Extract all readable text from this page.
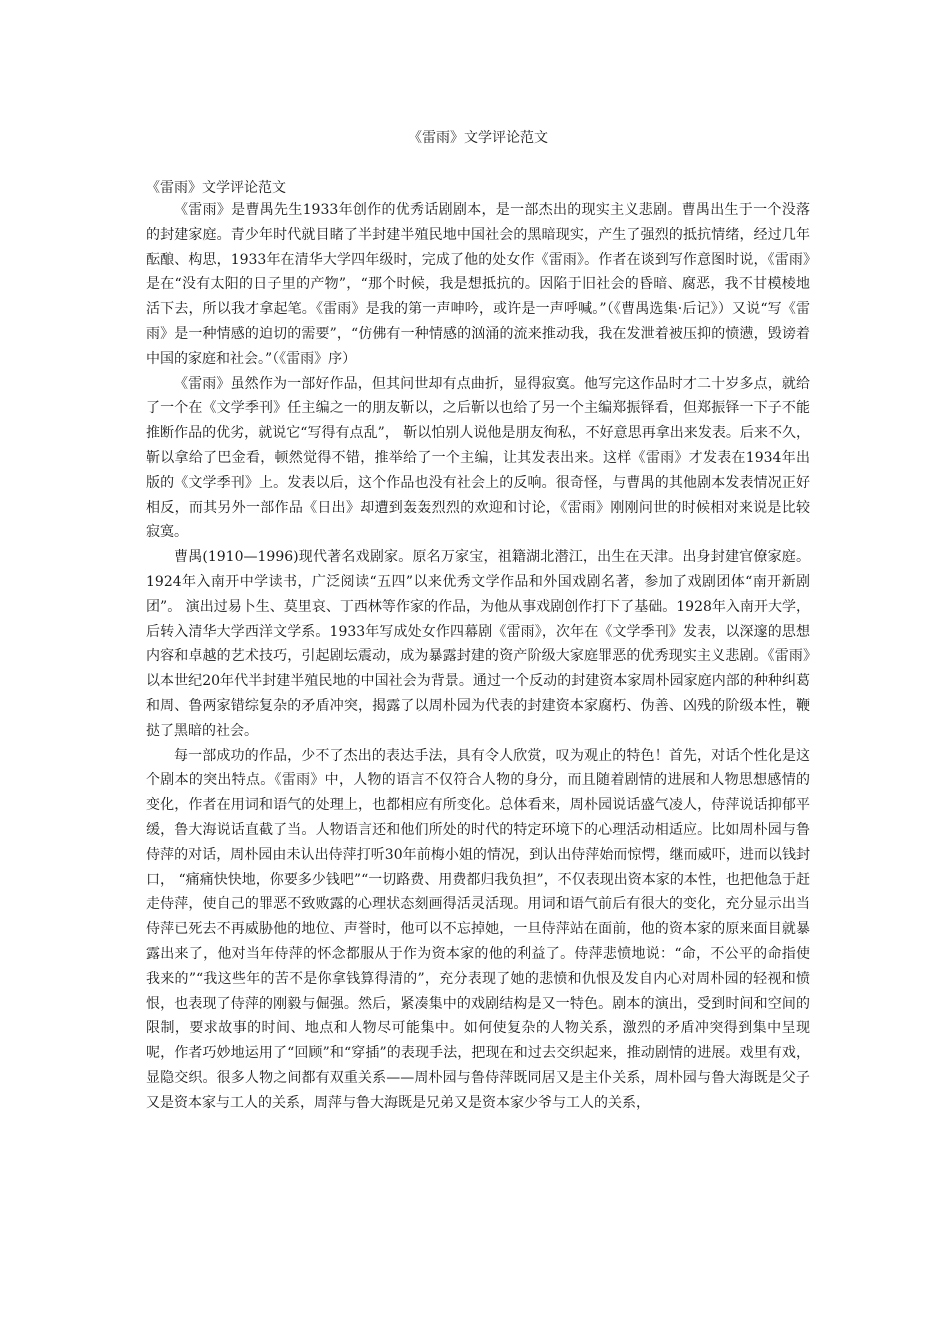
《雷雨》文学评论范文

《雷雨》文学评论范文

《雷雨》是曹禺先生1933年创作的优秀话剧剧本，是一部杰出的现实主义悲剧。曹禺出生于一个没落的封建家庭。青少年时代就目睹了半封建半殖民地中国社会的黑暗现实，产生了强烈的抵抗情绪，经过几年酝酿、构思，1933年在清华大学四年级时，完成了他的处女作《雷雨》。作者在谈到写作意图时说，《雷雨》是在“没有太阳的日子里的产物”，“那个时候，我是想抵抗的。因陷于旧社会的昏暗、腐恶，我不甘模棱地活下去，所以我才拿起笔。《雷雨》是我的第一声呻吟，或许是一声呼喊。”（《曹禺选集·后记》）又说“写《雷雨》是一种情感的迫切的需要”，“仿佛有一种情感的汹涌的流来推动我，我在发泄着被压抑的愤懑，毁谤着中国的家庭和社会。”（《雷雨》序）

《雷雨》虽然作为一部好作品，但其问世却有点曲折，显得寂寞。他写完这作品时才二十岁多点，就给了一个在《文学季刊》任主编之一的朋友靳以，之后靳以也给了另一个主编郑振铎看，但郑振铎一下子不能推断作品的优劣，就说它“写得有点乱”， 靳以怕别人说他是朋友徇私，不好意思再拿出来发表。后来不久，靳以拿给了巴金看，顿然觉得不错，推举给了一个主编，让其发表出来。这样《雷雨》才发表在1934年出版的《文学季刊》上。发表以后，这个作品也没有社会上的反响。很奇怪，与曹禺的其他剧本发表情况正好相反，而其另外一部作品《日出》却遭到轰轰烈烈的欢迎和讨论，《雷雨》刚刚问世的时候相对来说是比较寂寞。

曹禺(1910—1996)现代著名戏剧家。原名万家宝，祖籍湖北潜江，出生在天津。出身封建官僚家庭。1924年入南开中学读书，广泛阅读“五四”以来优秀文学作品和外国戏剧名著，参加了戏剧团体“南开新剧团”。 演出过易卜生、莫里哀、丁西林等作家的作品，为他从事戏剧创作打下了基础。1928年入南开大学，后转入清华大学西洋文学系。1933年写成处女作四幕剧《雷雨》，次年在《文学季刊》发表，以深邃的思想内容和卓越的艺术技巧，引起剧坛震动，成为暴露封建的资产阶级大家庭罪恶的优秀现实主义悲剧。《雷雨》以本世纪20年代半封建半殖民地的中国社会为背景。通过一个反动的封建资本家周朴园家庭内部的种种纠葛和周、鲁两家错综复杂的矛盾冲突，揭露了以周朴园为代表的封建资本家腐朽、伪善、凶残的阶级本性，鞭挞了黑暗的社会。

每一部成功的作品，少不了杰出的表达手法，具有令人欣赏，叹为观止的特色！首先，对话个性化是这个剧本的突出特点。《雷雨》中，人物的语言不仅符合人物的身分，而且随着剧情的进展和人物思想感情的变化，作者在用词和语气的处理上，也都相应有所变化。总体看来，周朴园说话盛气凌人，侍萍说话抑郁平缓，鲁大海说话直截了当。人物语言还和他们所处的时代的特定环境下的心理活动相适应。比如周朴园与鲁侍萍的对话，周朴园由未认出侍萍打听30年前梅小姐的情况，到认出侍萍始而惊愕，继而威吓，进而以钱封口， “痛痛快快地，你要多少钱吧”“一切路费、用费都归我负担”，不仅表现出资本家的本性，也把他急于赶走侍萍，使自己的罪恶不致败露的心理状态刻画得活灵活现。用词和语气前后有很大的变化，充分显示出当侍萍已死去不再威胁他的地位、声誉时，他可以不忘掉她，一旦侍萍站在面前，他的资本家的原来面目就暴露出来了，他对当年侍萍的怀念都服从于作为资本家的他的利益了。侍萍悲愤地说：“命，不公平的命指使我来的”“我这些年的苦不是你拿钱算得清的”，充分表现了她的悲愤和仇恨及发自内心对周朴园的轻视和愤恨，也表现了侍萍的刚毅与倔强。然后，紧凑集中的戏剧结构是又一特色。剧本的演出，受到时间和空间的限制，要求故事的时间、地点和人物尽可能集中。如何使复杂的人物关系，激烈的矛盾冲突得到集中呈现呢，作者巧妙地运用了“回顾”和“穿插”的表现手法，把现在和过去交织起来，推动剧情的进展。戏里有戏，显隐交织。很多人物之间都有双重关系——周朴园与鲁侍萍既同居又是主仆关系，周朴园与鲁大海既是父子又是资本家与工人的关系，周萍与鲁大海既是兄弟又是资本家少爷与工人的关系，
